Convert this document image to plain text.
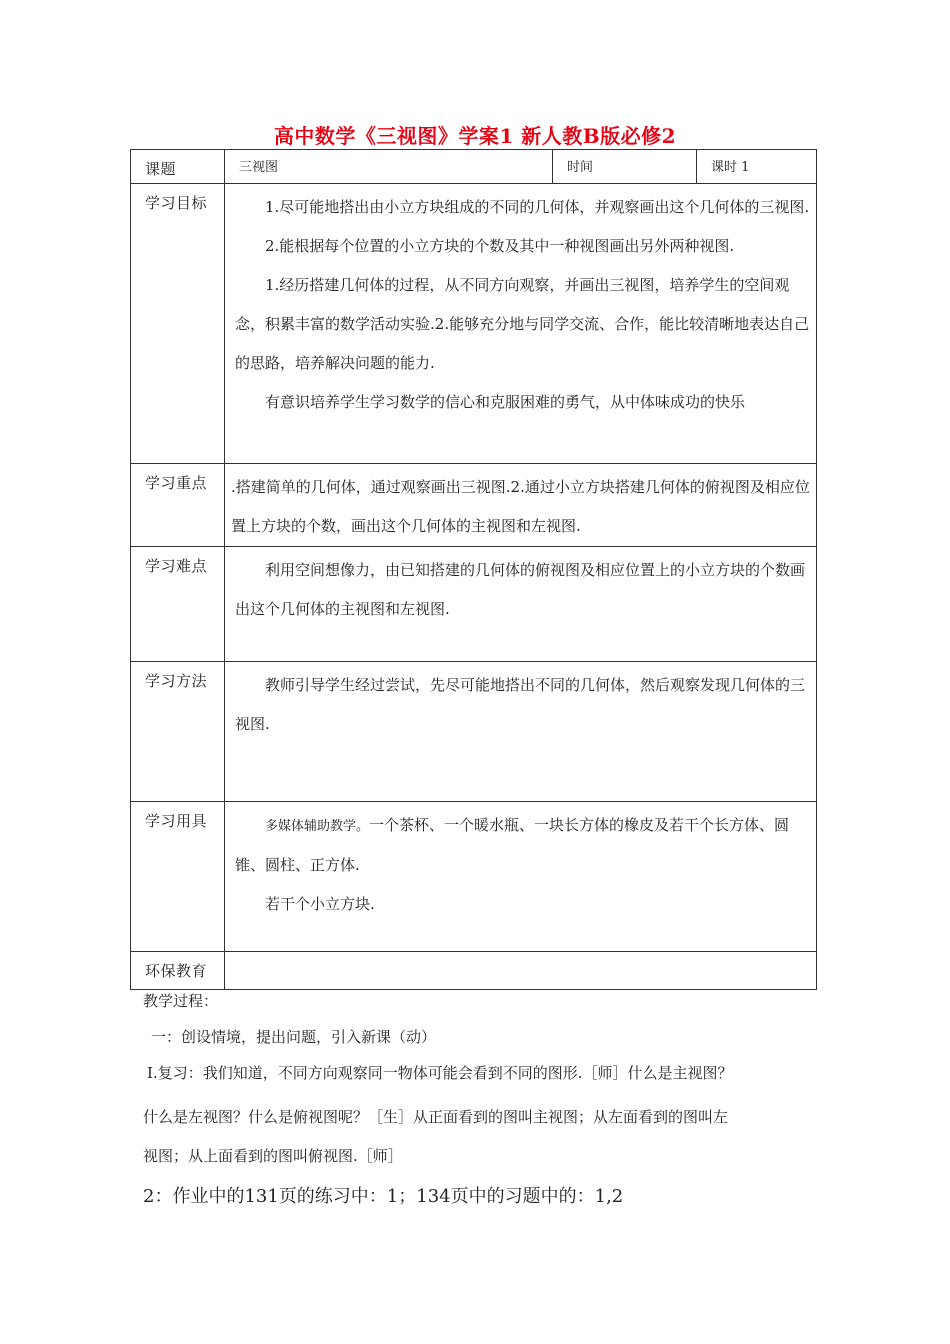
高中数学《三视图》学案1 新人教B版必修2
课题	三视图	时间	课时 1
学习目标	1.尽可能地搭出由小立方块组成的不同的几何体，并观察画出这个几何体的三视图.

2.能根据每个位置的小立方块的个数及其中一种视图画出另外两种视图.

1.经历搭建几何体的过程，从不同方向观察，并画出三视图，培养学生的空间观念，积累丰富的数学活动实验.2.能够充分地与同学交流、合作，能比较清晰地表达自己的思路，培养解决问题的能力.

有意识培养学生学习数学的信心和克服困难的勇气，从中体味成功的快乐		

学习重点	.搭建简单的几何体，通过观察画出三视图.2.通过小立方块搭建几何体的俯视图及相应位置上方块的个数，画出这个几何体的主视图和左视图.		
学习难点	利用空间想像力，由已知搭建的几何体的俯视图及相应位置上的小立方块的个数画出这个几何体的主视图和左视图.		

学习方法	教师引导学生经过尝试，先尽可能地搭出不同的几何体，然后观察发现几何体的三视图.		

学习用具	多媒体辅助教学。一个茶杯、一个暖水瓶、一块长方体的橡皮及若干个长方体、圆锥、圆柱、正方体.

若干个小立方块.		

环保教育			
教学过程：
一：创设情境，提出问题，引入新课（动）
Ⅰ.复习：我们知道，不同方向观察同一物体可能会看到不同的图形.［师］什么是主视图？
什么是左视图？什么是俯视图呢？［生］从正面看到的图叫主视图；从左面看到的图叫左
视图；从上面看到的图叫俯视图.［师］
2：作业中的131页的练习中：1；134页中的习题中的：1,2
